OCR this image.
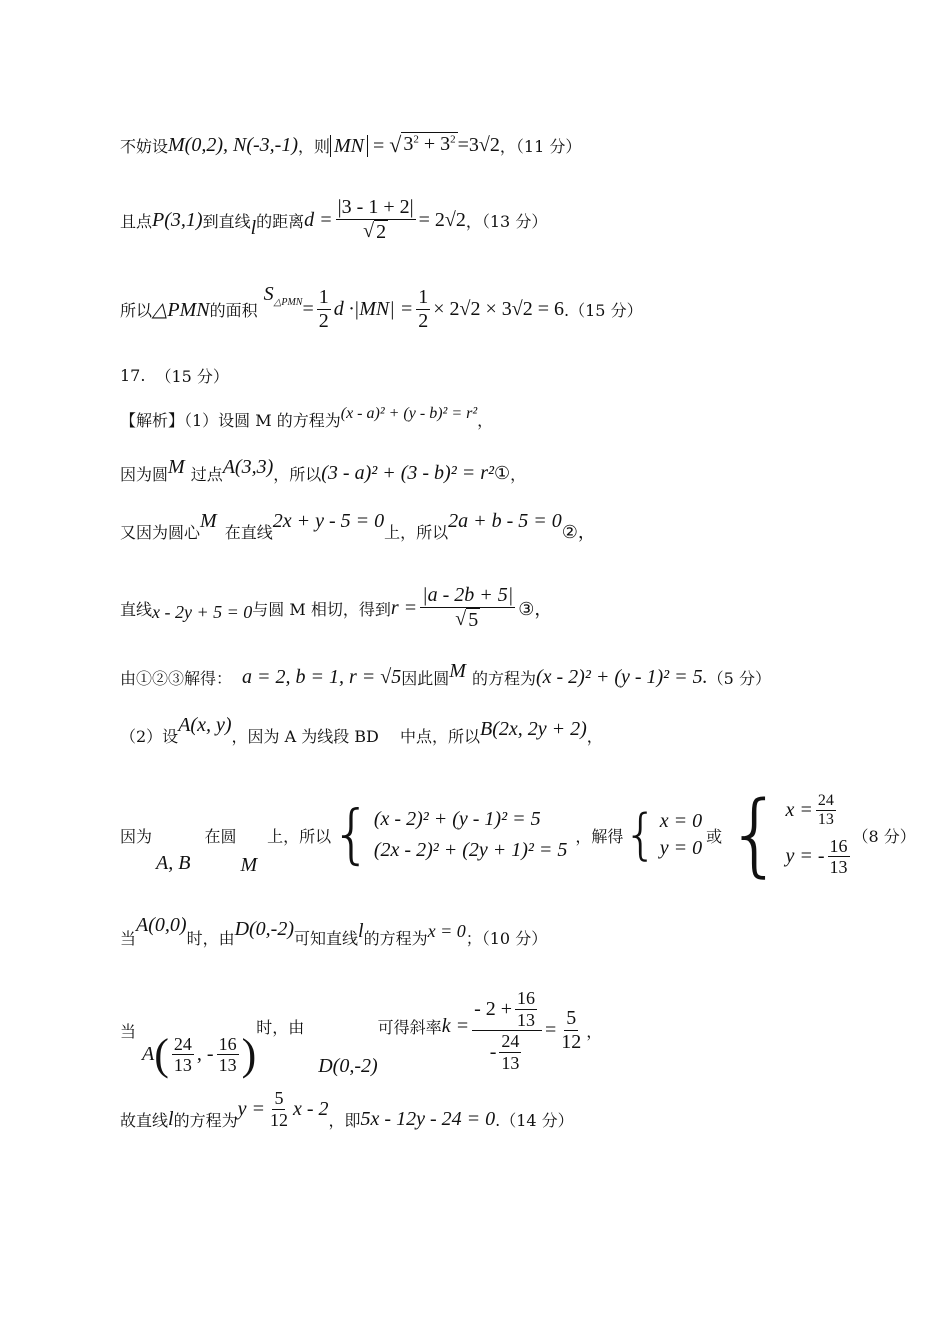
不妨设 M(0,2), N(-3,-1) ，则 MN = √ $3^2 + 3^2 =3√2$ ，（11 分）
且点 P(3,1) 到直线 l 的距离 $d = \frac{|3 - 1 + 2|}{√ 2} = 2√2$ ，（13 分）
所以 △PMN 的面积
$S_{\triangle PMN} = \frac{1}{2}$ $d \cdot|MN| = \frac{1}{2} \times 2√2 \times 3√2 = 6$ .（15 分）
17. （15 分）
【解析】（1）设圆 M 的方程为 (x - a)² + (y - b)² = r² ，
因为圆 M 过点 A(3,3) ，所以 (3 - a)² + (3 - b)² = r² ① ，
又因为圆心
M
在直线
2x + y - 5 = 0
上，所以
2a + b - 5 = 0
②，
直线 x - 2y + 5 = 0 与圆 M 相切，得到 $r = \frac{|a - 2b + 5|}{√ 5}$ ③，
由①②③解得： a = 2, b = 1, r = √5 因此圆 M 的方程为 (x - 2)² + (y - 1)² = 5. （5 分）
（2）设
A(x, y)
，因为 A 为线段 BD 　中点，所以 B(2x, 2y + 2) ，
因为
A, B
在圆
M
上，所以 { (x - 2)² + (y - 1)² = 5
(2x - 2)² + (2y + 1)² = 5
，解得 { x = 0
y = 0
或 { $x = \frac{24}{13}$
y = - $\frac{16}{13} (8$ 分）
当
A(0,0)
时，由 D(0,-2) 可知直线 l 的方程为 x = 0 ；（10 分）
当
A ( $\frac{24}{13}$ , - $\frac{16}{13}$ )
时，由
D(0,-2)
可得斜率 $k = \frac{- 2 + \frac{16}{13}}{- \frac{24}{13}} = \frac{5}{12}$ ，
故直线 l 的方程为
$y = \frac{5}{12}$ x - 2
，即 5x - 12y - 24 = 0 .（14 分）
